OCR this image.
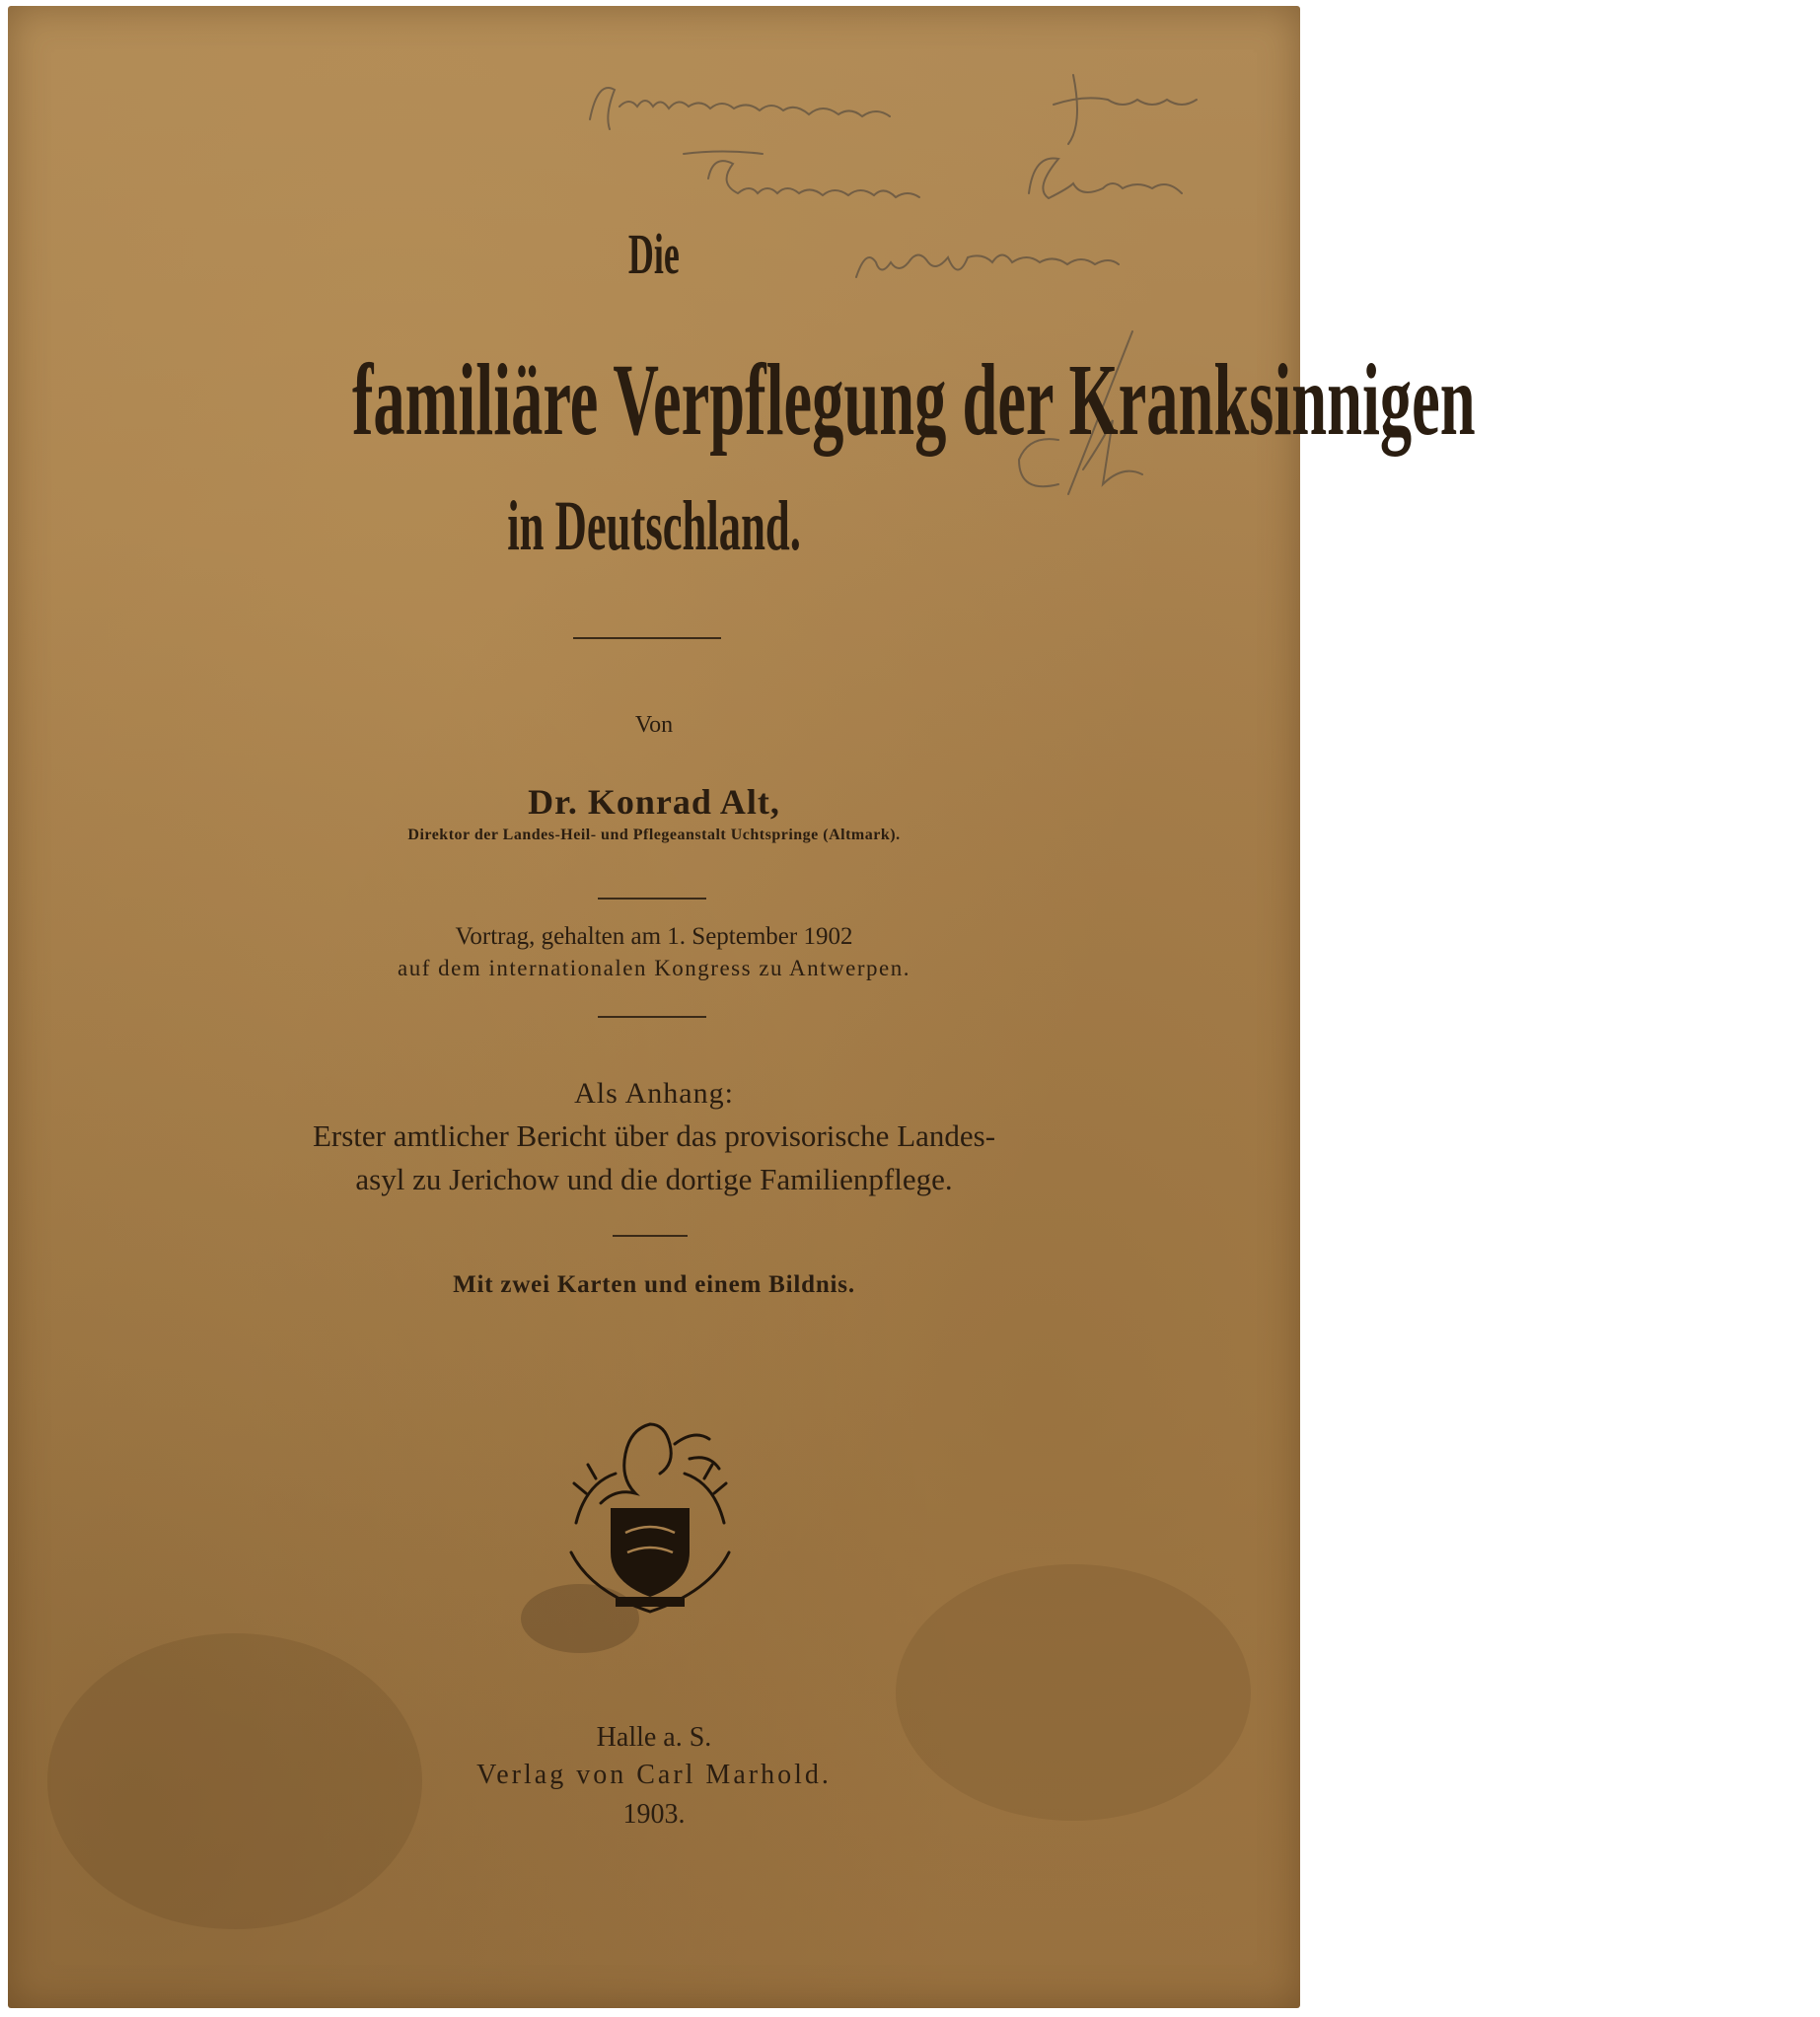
Die
familiäre Verpflegung der Kranksinnigen
in Deutschland.
Von
Dr. Konrad Alt,
Direktor der Landes-Heil- und Pflegeanstalt Uchtspringe (Altmark).
Vortrag, gehalten am 1. September 1902
auf dem internationalen Kongress zu Antwerpen.
Als Anhang:
Erster amtlicher Bericht über das provisorische Landes-
asyl zu Jerichow und die dortige Familienpflege.
Mit zwei Karten und einem Bildnis.
Halle a. S.
Verlag von Carl Marhold.
1903.
